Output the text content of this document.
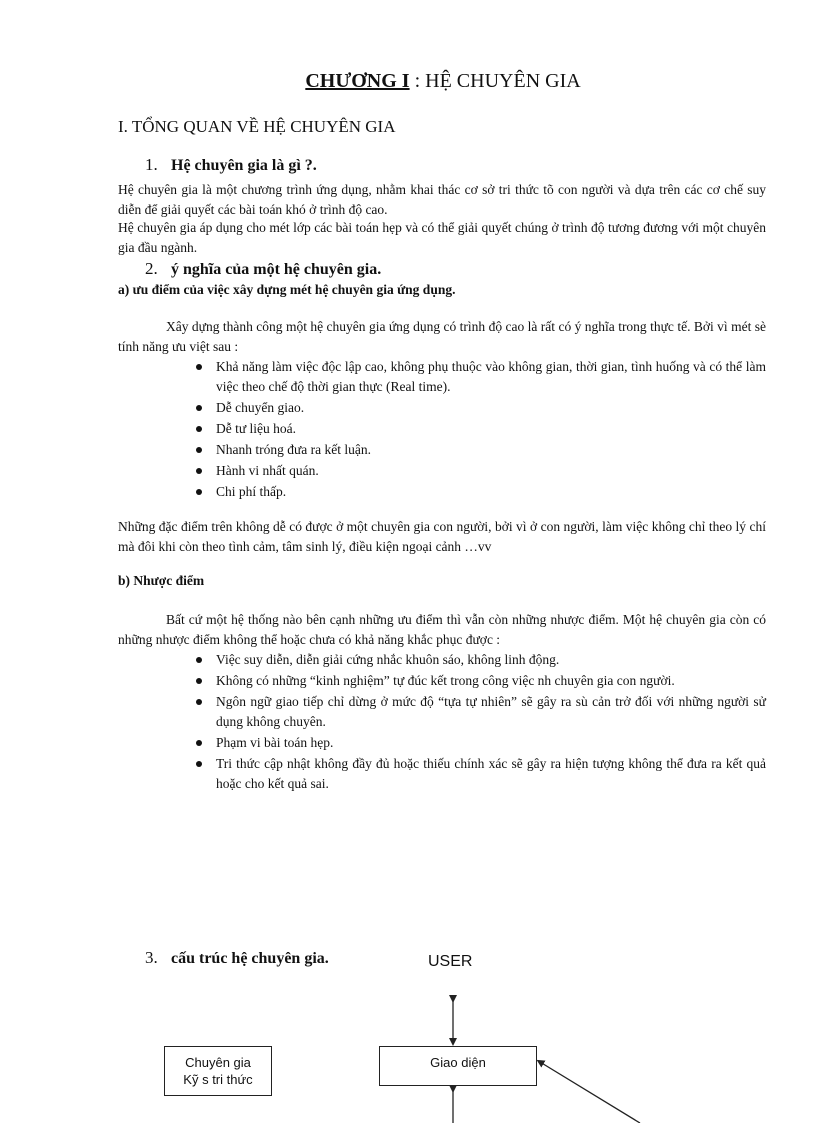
CHƯƠNG I : HỆ CHUYÊN GIA
I. TỔNG QUAN VỀ HỆ CHUYÊN GIA
1. Hệ chuyên gia là gì ?.
Hệ chuyên gia là một chương trình ứng dụng, nhằm khai thác cơ sở tri thức tõ con người và dựa trên các cơ chế suy diễn để giải quyết các bài toán khó ở trình độ cao.
Hệ chuyên gia áp dụng cho mét lớp các bài toán hẹp và có thể giải quyết chúng ở trình độ tương đương với một chuyên gia đầu ngành.
2. ý nghĩa của một hệ chuyên gia.
a) ưu điểm của việc xây dựng mét hệ chuyên gia ứng dụng.
Xây dựng thành công một hệ chuyên gia ứng dụng có trình độ cao là rất có ý nghĩa trong thực tế. Bởi vì mét sè tính năng ưu việt sau :
Khả năng làm việc độc lập cao, không phụ thuộc vào không gian, thời gian, tình huống và có thể làm việc theo chế độ thời gian thực (Real time).
Dễ chuyển giao.
Dễ tư liệu hoá.
Nhanh tróng đưa ra kết luận.
Hành vi nhất quán.
Chi phí thấp.
Những đặc điểm trên không dễ có được ở một chuyên gia con người, bởi vì ở con người, làm việc không chỉ theo lý chí mà đôi khi còn theo tình cảm, tâm sinh lý, điều kiện ngoại cảnh …vv
b) Nhược điểm
Bất cứ một hệ thống nào bên cạnh những ưu điểm thì vẫn còn những nhược điểm. Một hệ chuyên gia còn có những nhược điểm không thể hoặc chưa có khả năng khắc phục được :
Việc suy diễn, diễn giải cứng nhắc khuôn sáo, không linh động.
Không có những “kinh nghiệm” tự đúc kết trong công việc nh chuyên gia con người.
Ngôn ngữ giao tiếp chỉ dừng ở mức độ “tựa tự nhiên” sẽ gây ra sù cản trở đối với những người sử dụng không chuyên.
Phạm vi bài toán hẹp.
Tri thức cập nhật không đầy đủ hoặc thiếu chính xác sẽ gây ra hiện tượng không thể đưa ra kết quả hoặc cho kết quả sai.
3. cấu trúc hệ chuyên gia.	USER
Chuyên gia
Kỹ s tri thức
Giao diện
